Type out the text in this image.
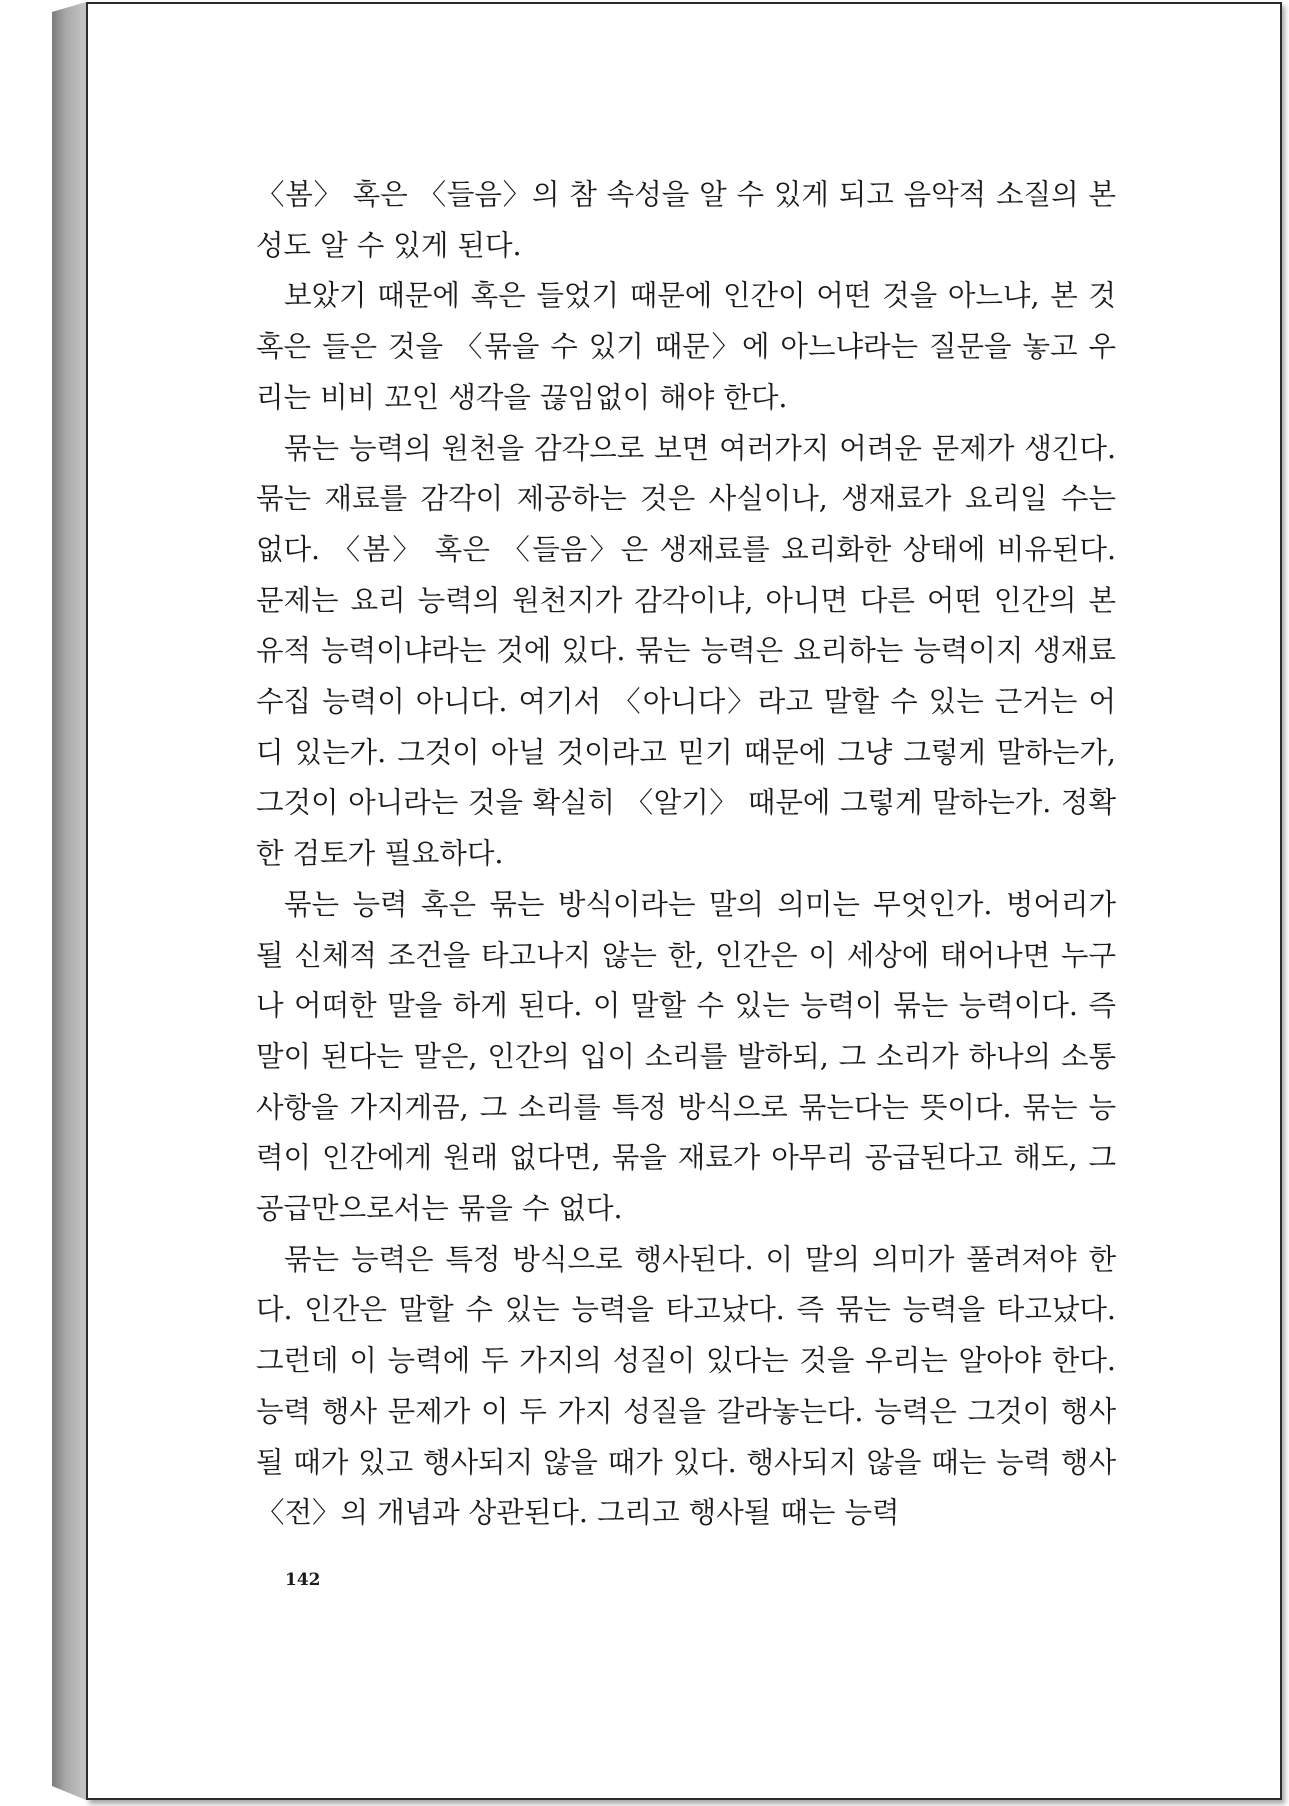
〈봄〉 혹은 〈들음〉의 참 속성을 알 수 있게 되고 음악적 소질의 본성도 알 수 있게 된다.

보았기 때문에 혹은 들었기 때문에 인간이 어떤 것을 아느냐, 본 것 혹은 들은 것을 〈묶을 수 있기 때문〉에 아느냐라는 질문을 놓고 우리는 비비 꼬인 생각을 끊임없이 해야 한다.

묶는 능력의 원천을 감각으로 보면 여러가지 어려운 문제가 생긴다. 묶는 재료를 감각이 제공하는 것은 사실이나, 생재료가 요리일 수는 없다. 〈봄〉 혹은 〈들음〉은 생재료를 요리화한 상태에 비유된다. 문제는 요리 능력의 원천지가 감각이냐, 아니면 다른 어떤 인간의 본유적 능력이냐라는 것에 있다. 묶는 능력은 요리하는 능력이지 생재료 수집 능력이 아니다. 여기서 〈아니다〉라고 말할 수 있는 근거는 어디 있는가. 그것이 아닐 것이라고 믿기 때문에 그냥 그렇게 말하는가, 그것이 아니라는 것을 확실히 〈알기〉 때문에 그렇게 말하는가. 정확한 검토가 필요하다.

묶는 능력 혹은 묶는 방식이라는 말의 의미는 무엇인가. 벙어리가 될 신체적 조건을 타고나지 않는 한, 인간은 이 세상에 태어나면 누구나 어떠한 말을 하게 된다. 이 말할 수 있는 능력이 묶는 능력이다. 즉 말이 된다는 말은, 인간의 입이 소리를 발하되, 그 소리가 하나의 소통사항을 가지게끔, 그 소리를 특정 방식으로 묶는다는 뜻이다. 묶는 능력이 인간에게 원래 없다면, 묶을 재료가 아무리 공급된다고 해도, 그 공급만으로서는 묶을 수 없다.

묶는 능력은 특정 방식으로 행사된다. 이 말의 의미가 풀려져야 한다. 인간은 말할 수 있는 능력을 타고났다. 즉 묶는 능력을 타고났다. 그런데 이 능력에 두 가지의 성질이 있다는 것을 우리는 알아야 한다. 능력 행사 문제가 이 두 가지 성질을 갈라놓는다. 능력은 그것이 행사될 때가 있고 행사되지 않을 때가 있다. 행사되지 않을 때는 능력 행사 〈전〉의 개념과 상관된다. 그리고 행사될 때는 능력

142
